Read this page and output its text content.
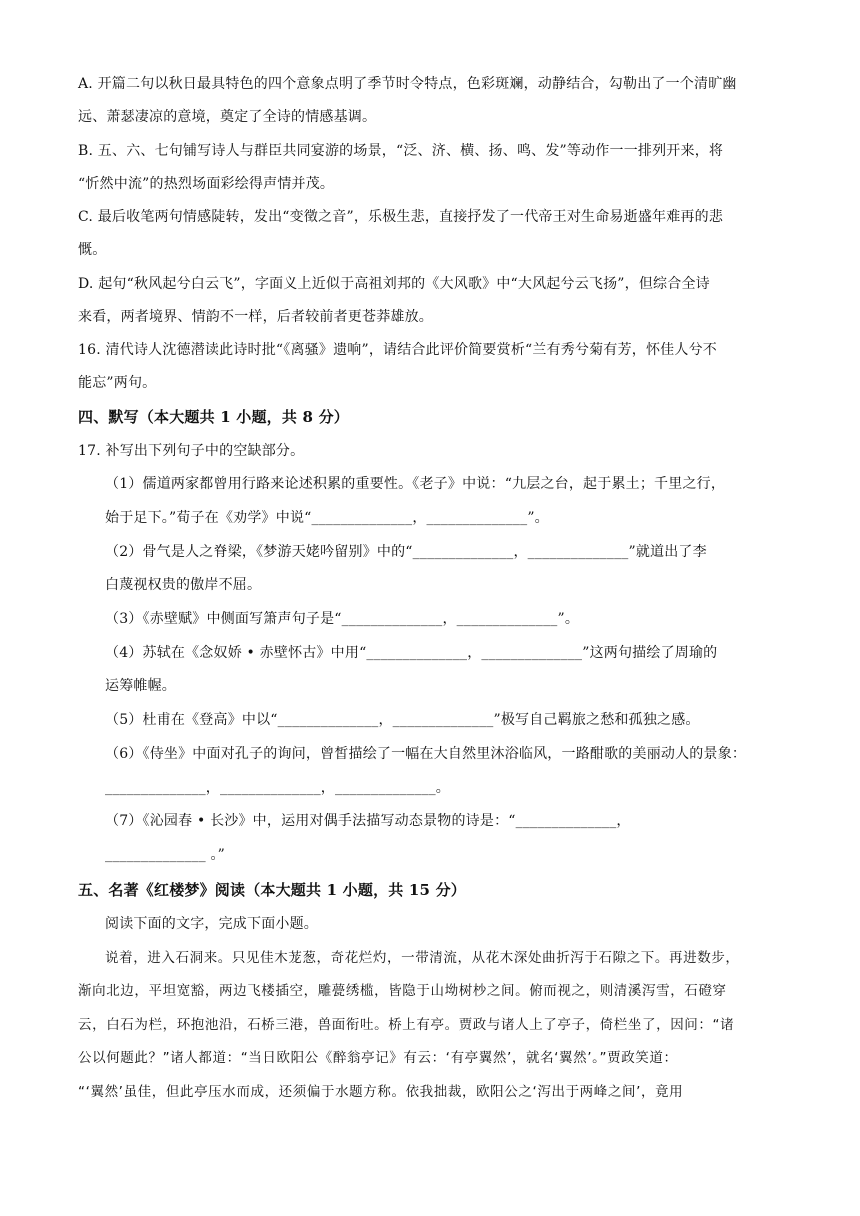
A. 开篇二句以秋日最具特色的四个意象点明了季节时令特点，色彩斑斓，动静结合，勾勒出了一个清旷幽
远、萧瑟凄凉的意境，奠定了全诗的情感基调。
B. 五、六、七句铺写诗人与群臣共同宴游的场景，“泛、济、横、扬、鸣、发”等动作一一排列开来，将
“忻然中流”的热烈场面彩绘得声情并茂。
C. 最后收笔两句情感陡转，发出“变徵之音”，乐极生悲，直接抒发了一代帝王对生命易逝盛年难再的悲
慨。
D. 起句“秋风起兮白云飞”，字面义上近似于高祖刘邦的《大风歌》中“大风起兮云飞扬”，但综合全诗
来看，两者境界、情韵不一样，后者较前者更苍莽雄放。
16. 清代诗人沈德潜读此诗时批“《离骚》遗响”，请结合此评价简要赏析“兰有秀兮菊有芳，怀佳人兮不
能忘”两句。
四、默写（本大题共 1 小题，共 8 分）
17. 补写出下列句子中的空缺部分。
（1）儒道两家都曾用行路来论述积累的重要性。《老子》中说：“九层之台，起于累土；千里之行，
始于足下。”荀子在《劝学》中说“______________，______________”。
（2）骨气是人之脊梁，《梦游天姥吟留别》中的“______________，______________”就道出了李
白蔑视权贵的傲岸不屈。
（3）《赤壁赋》中侧面写箫声句子是“______________，______________”。
（4）苏轼在《念奴娇 • 赤壁怀古》中用“______________，______________”这两句描绘了周瑜的
运筹帷幄。
（5）杜甫在《登高》中以“______________，______________”极写自己羁旅之愁和孤独之感。
（6）《侍坐》中面对孔子的询问，曾皙描绘了一幅在大自然里沐浴临风，一路酣歌的美丽动人的景象：
______________，______________，______________。
（7）《沁园春 • 长沙》中，运用对偶手法描写动态景物的诗是：“______________，
______________ 。”
五、名著《红楼梦》阅读（本大题共 1 小题，共 15 分）
阅读下面的文字，完成下面小题。
说着，进入石洞来。只见佳木茏葱，奇花烂灼，一带清流，从花木深处曲折泻于石隙之下。再进数步，
渐向北边，平坦宽豁，两边飞楼插空，雕甍绣槛，皆隐于山坳树杪之间。俯而视之，则清溪泻雪，石磴穿
云，白石为栏，环抱池沿，石桥三港，兽面衔吐。桥上有亭。贾政与诸人上了亭子，倚栏坐了，因问：“诸
公以何题此？”诸人都道：“当日欧阳公《醉翁亭记》有云：‘有亭翼然’，就名‘翼然’。”贾政笑道：
“‘翼然’虽佳，但此亭压水而成，还须偏于水题方称。依我拙裁，欧阳公之‘泻出于两峰之间’，竟用
